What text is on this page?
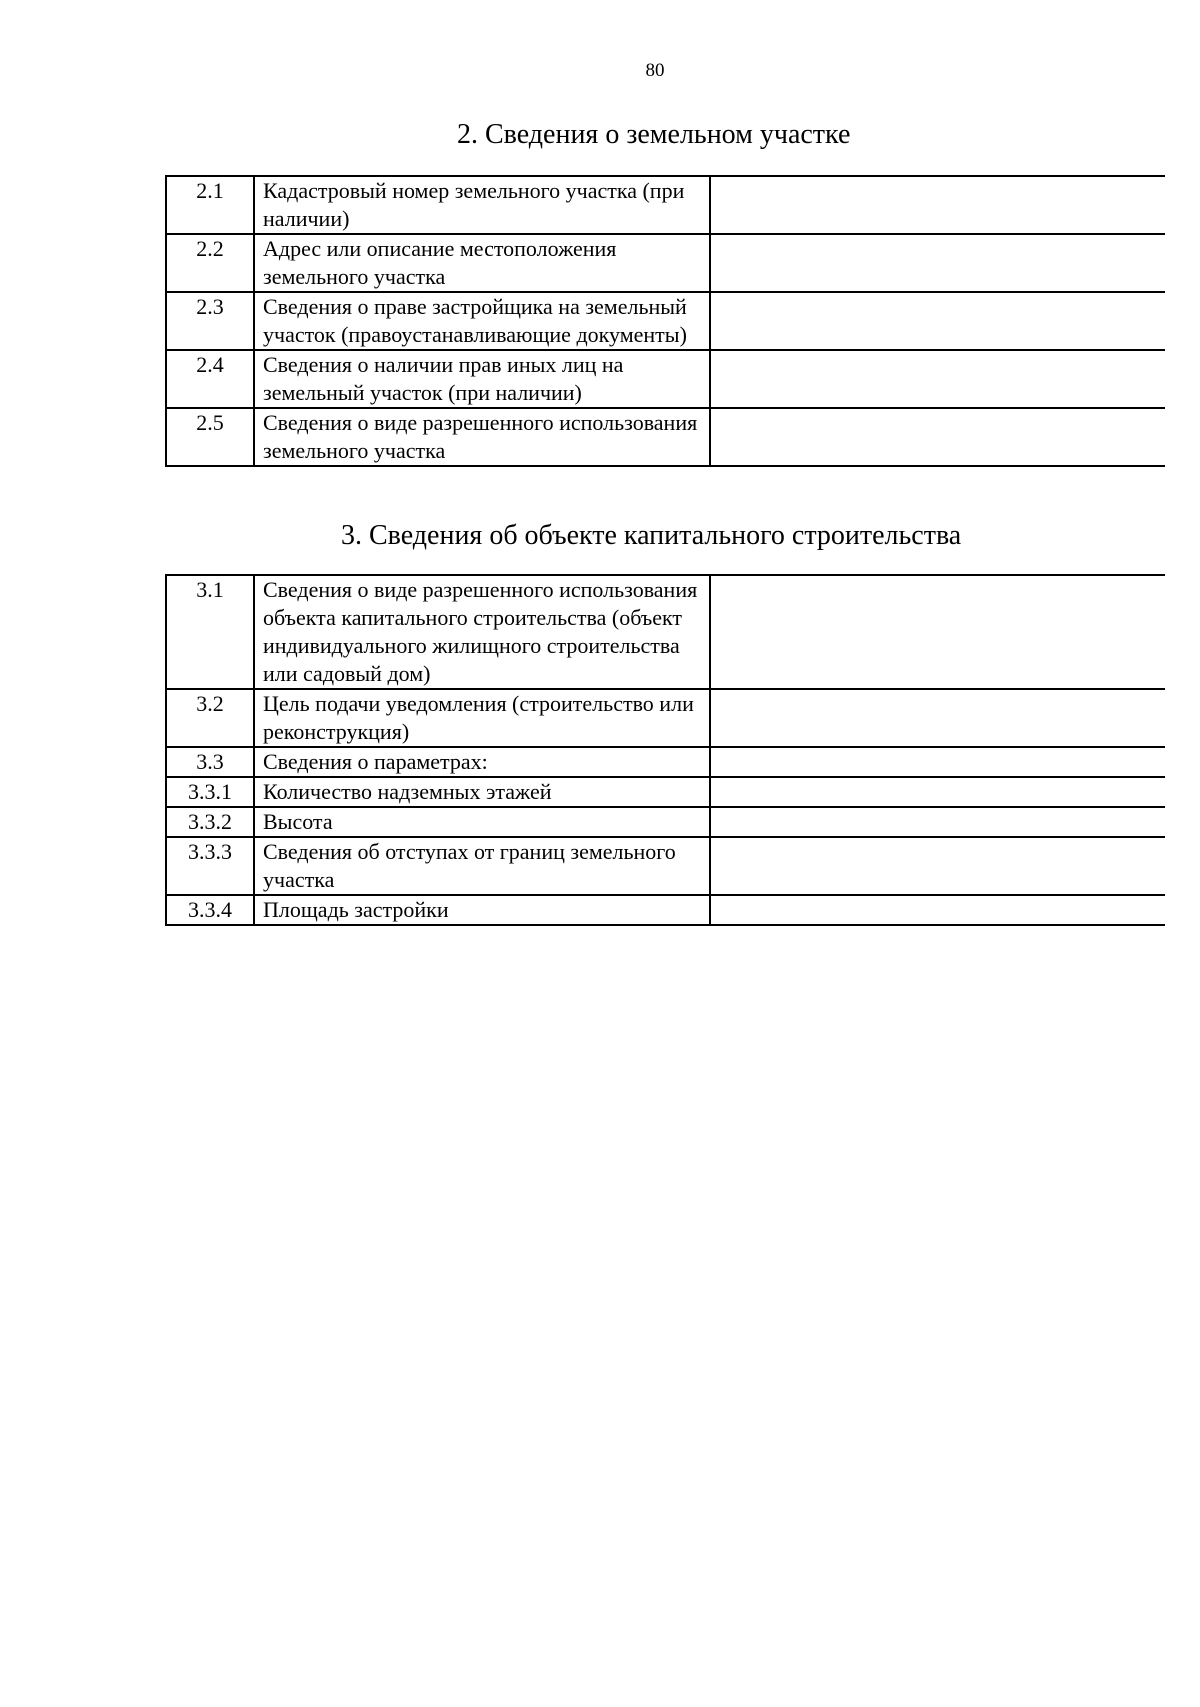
80
2. Сведения о земельном участке
2.1	Кадастровый номер земельного участка (при наличии)	
2.2	Адрес или описание местоположения земельного участка	
2.3	Сведения о праве застройщика на земельный участок (правоустанавливающие документы)	
2.4	Сведения о наличии прав иных лиц на земельный участок (при наличии)	
2.5	Сведения о виде разрешенного использования земельного участка	
3. Сведения об объекте капитального строительства
3.1	Сведения о виде разрешенного использования объекта капитального строительства (объект индивидуального жилищного строительства или садовый дом)	
3.2	Цель подачи уведомления (строительство или реконструкция)	
3.3	Сведения о параметрах:	
3.3.1	Количество надземных этажей	
3.3.2	Высота	
3.3.3	Сведения об отступах от границ земельного участка	
3.3.4	Площадь застройки	
